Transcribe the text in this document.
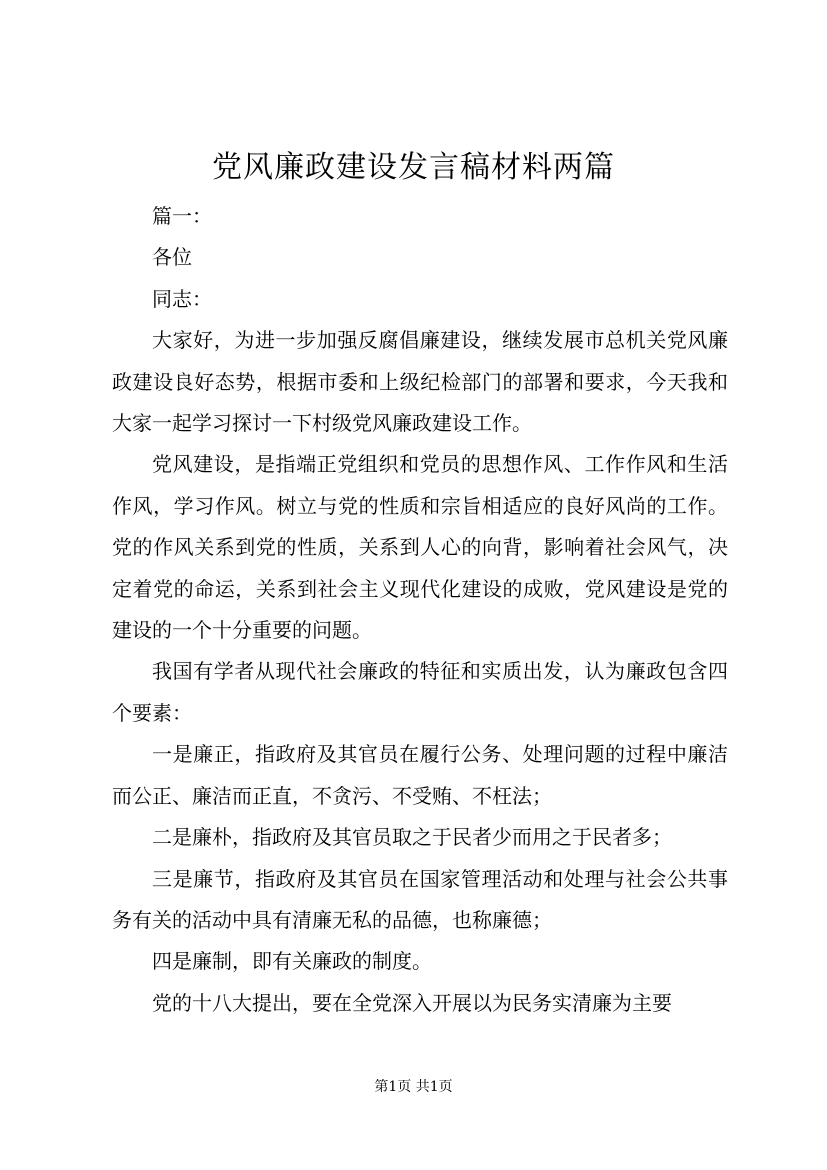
党风廉政建设发言稿材料两篇

篇一：

各位

同志：

大家好，为进一步加强反腐倡廉建设，继续发展市总机关党风廉政建设良好态势，根据市委和上级纪检部门的部署和要求，今天我和大家一起学习探讨一下村级党风廉政建设工作。

党风建设，是指端正党组织和党员的思想作风、工作作风和生活作风，学习作风。树立与党的性质和宗旨相适应的良好风尚的工作。党的作风关系到党的性质，关系到人心的向背，影响着社会风气，决定着党的命运，关系到社会主义现代化建设的成败，党风建设是党的建设的一个十分重要的问题。

我国有学者从现代社会廉政的特征和实质出发，认为廉政包含四个要素：

一是廉正，指政府及其官员在履行公务、处理问题的过程中廉洁而公正、廉洁而正直，不贪污、不受贿、不枉法；

二是廉朴，指政府及其官员取之于民者少而用之于民者多；

三是廉节，指政府及其官员在国家管理活动和处理与社会公共事务有关的活动中具有清廉无私的品德，也称廉德；

四是廉制，即有关廉政的制度。

党的十八大提出，要在全党深入开展以为民务实清廉为主要

第1页 共1页
